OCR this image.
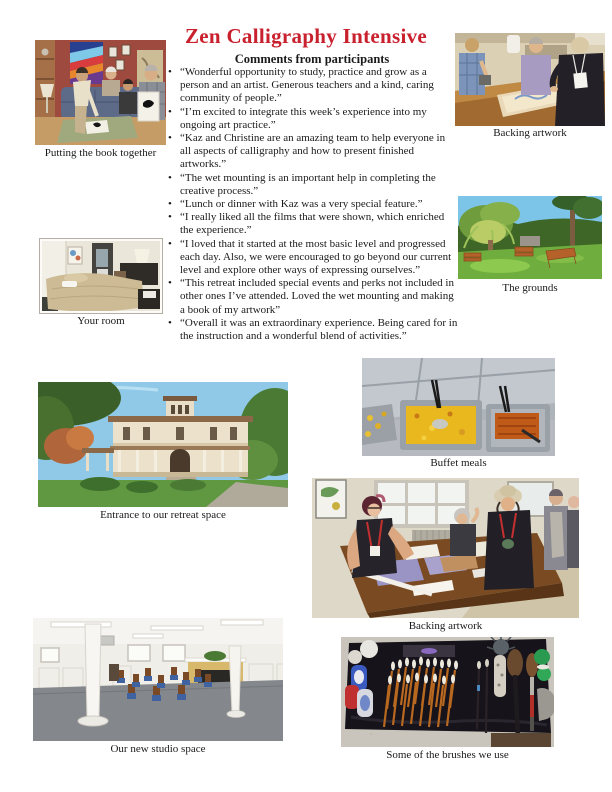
Zen Calligraphy Intensive
Comments from participants
• “Wonderful opportunity to study, practice and grow as a person and an artist. Generous teachers and a kind, caring community of people.”
• “I’m excited to integrate this week’s experience into my ongoing art practice.”
• “Kaz and Christine are an amazing team to help everyone in all aspects of calligraphy and how to present finished artworks.”
• “The wet mounting is an important help in completing the creative process.”
• “Lunch or dinner with Kaz was a very special feature.”
• “I really liked all the films that were shown, which enriched the experience.”
• “I loved that it started at the most basic level and progressed each day. Also, we were encouraged to go beyond our current level and explore other ways of expressing ourselves.”
• “This retreat included special events and perks not included in other ones I’ve attended. Loved the wet mounting and making a book of my artwork”
• “Overall it was an extraordinary experience. Being cared for in the instruction and a wonderful blend of activities.”
Putting the book together
Backing artwork
The grounds
Your room
Entrance to our retreat space
Buffet meals
Backing artwork
Our new studio space	Some of the brushes we use
